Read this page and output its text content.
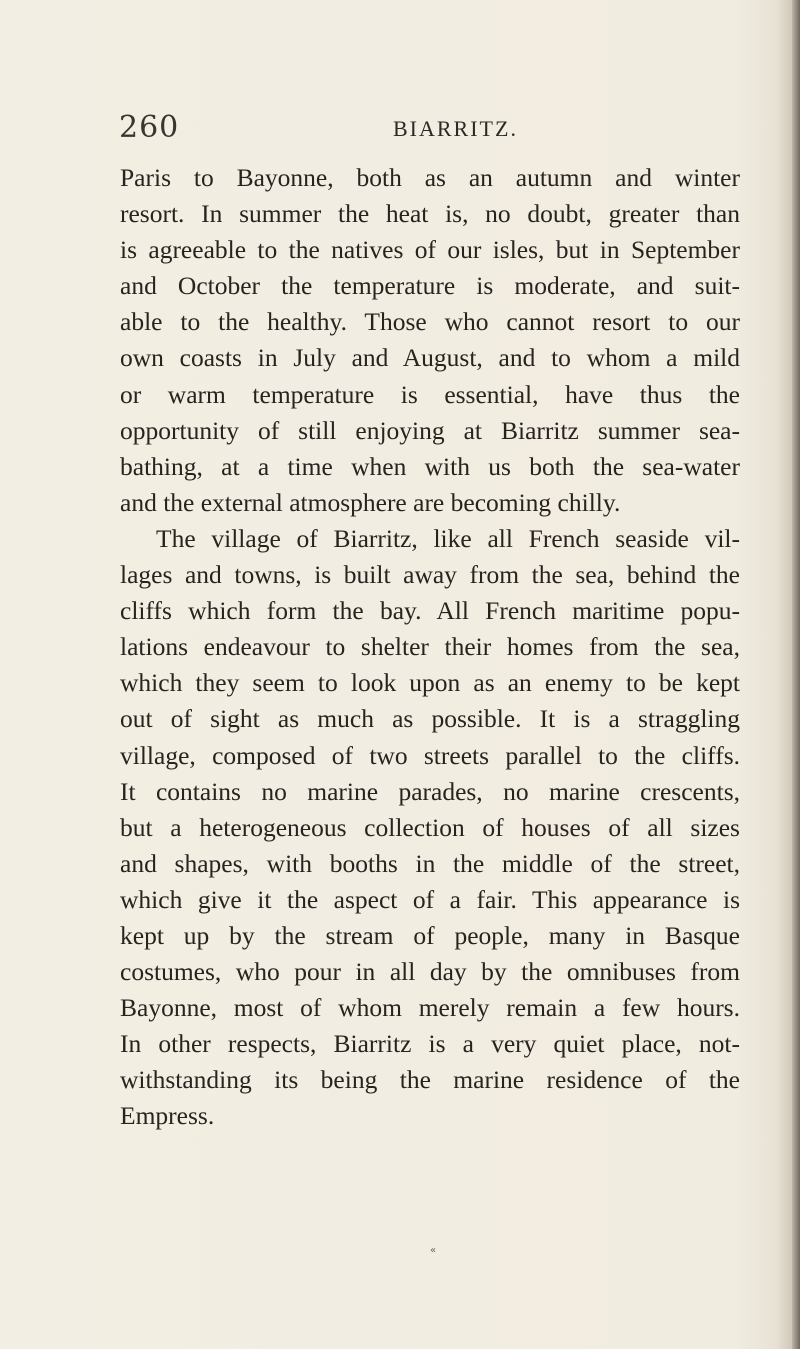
260	BIARRITZ.
Paris to Bayonne, both as an autumn and winter
resort. In summer the heat is, no doubt, greater than
is agreeable to the natives of our isles, but in September
and October the temperature is moderate, and suit-
able to the healthy. Those who cannot resort to our
own coasts in July and August, and to whom a mild
or warm temperature is essential, have thus the
opportunity of still enjoying at Biarritz summer sea-
bathing, at a time when with us both the sea-water
and the external atmosphere are becoming chilly.
The village of Biarritz, like all French seaside vil-
lages and towns, is built away from the sea, behind the
cliffs which form the bay. All French maritime popu-
lations endeavour to shelter their homes from the sea,
which they seem to look upon as an enemy to be kept
out of sight as much as possible. It is a straggling
village, composed of two streets parallel to the cliffs.
It contains no marine parades, no marine crescents,
but a heterogeneous collection of houses of all sizes
and shapes, with booths in the middle of the street,
which give it the aspect of a fair. This appearance is
kept up by the stream of people, many in Basque
costumes, who pour in all day by the omnibuses from
Bayonne, most of whom merely remain a few hours.
In other respects, Biarritz is a very quiet place, not-
withstanding its being the marine residence of the
Empress.
«
